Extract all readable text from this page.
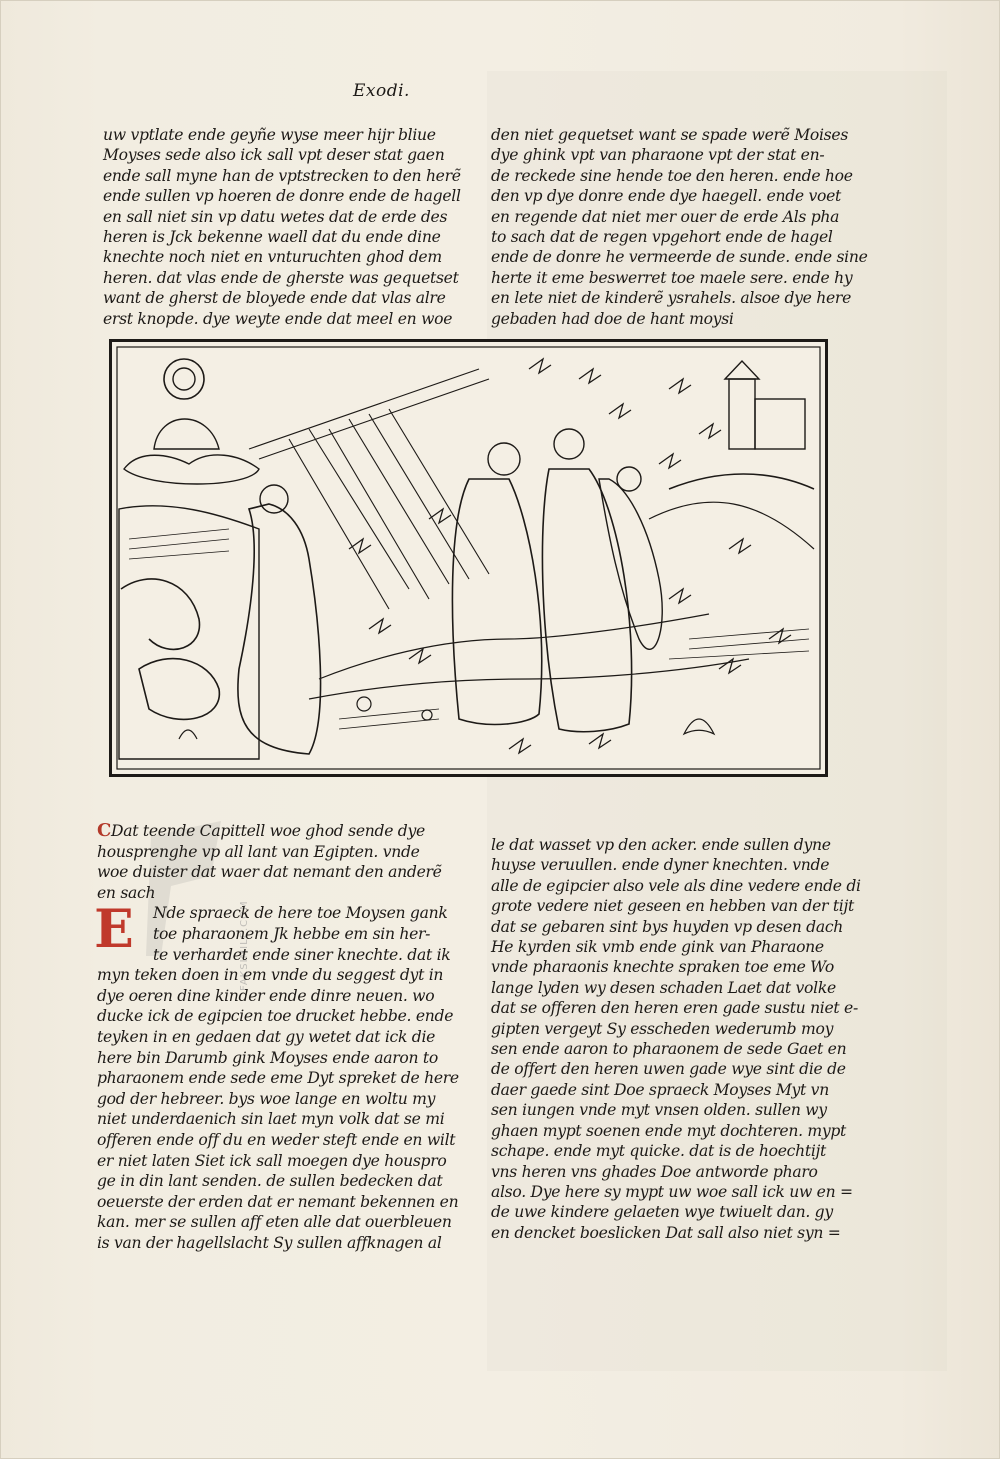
Exodi.
uw vptlate ende geyñe wyse meer hijr bliue
Moyses sede also ick sall vpt deser stat gaen
ende sall myne han de vptstrecken to den herẽ
ende sullen vp hoeren de donre ende de hagell
en sall niet sin vp datu wetes dat de erde des
heren is Jck bekenne waell dat du ende dine
knechte noch niet en vnturuchten ghod dem
heren. dat vlas ende de gherste was gequetset
want de gherst de bloyede ende dat vlas alre
erst knopde. dye weyte ende dat meel en woe
den niet gequetset want se spade werẽ Moises
dye ghink vpt van pharaone vpt der stat en-
de reckede sine hende toe den heren. ende hoe
den vp dye donre ende dye haegell. ende voet
en regende dat niet mer ouer de erde Als pha
to sach dat de regen vpgehort ende de hagel
ende de donre he vermeerde de sunde. ende sine
herte it eme beswerret toe maele sere. ende hy
en lete niet de kinderẽ ysrahels. alsoe dye here
gebaden had doe de hant moysi
FAKSIMILE.COM
E
CDat teende Capittell woe ghod sende dye
housprenghe vp all lant van Egipten. vnde
woe duister dat waer dat nemant den anderẽ
en sach
Nde spraeck de here toe Moysen gank
toe pharaonem Jk hebbe em sin her-
te verhardet ende siner knechte. dat ik
myn teken doen in em vnde du seggest dyt in
dye oeren dine kinder ende dinre neuen. wo
ducke ick de egipcien toe drucket hebbe. ende
teyken in en gedaen dat gy wetet dat ick die
here bin Darumb gink Moyses ende aaron to
pharaonem ende sede eme Dyt spreket de here
god der hebreer. bys woe lange en woltu my
niet underdaenich sin laet myn volk dat se mi
offeren ende off du en weder steft ende en wilt
er niet laten Siet ick sall moegen dye houspro
ge in din lant senden. de sullen bedecken dat
oeuerste der erden dat er nemant bekennen en
kan. mer se sullen aff eten alle dat ouerbleuen
is van der hagellslacht Sy sullen affknagen al
le dat wasset vp den acker. ende sullen dyne
huyse veruullen. ende dyner knechten. vnde
alle de egipcier also vele als dine vedere ende di
grote vedere niet geseen en hebben van der tijt
dat se gebaren sint bys huyden vp desen dach
He kyrden sik vmb ende gink van Pharaone
vnde pharaonis knechte spraken toe eme Wo
lange lyden wy desen schaden Laet dat volke
dat se offeren den heren eren gade sustu niet e-
gipten vergeyt Sy esscheden wederumb moy
sen ende aaron to pharaonem de sede Gaet en
de offert den heren uwen gade wye sint die de
daer gaede sint Doe spraeck Moyses Myt vn
sen iungen vnde myt vnsen olden. sullen wy
ghaen mypt soenen ende myt dochteren. mypt
schape. ende myt quicke. dat is de hoechtijt
vns heren vns ghades Doe antworde pharo
also. Dye here sy mypt uw woe sall ick uw en =
de uwe kindere gelaeten wye twiuelt dan. gy
en dencket boeslicken Dat sall also niet syn =
